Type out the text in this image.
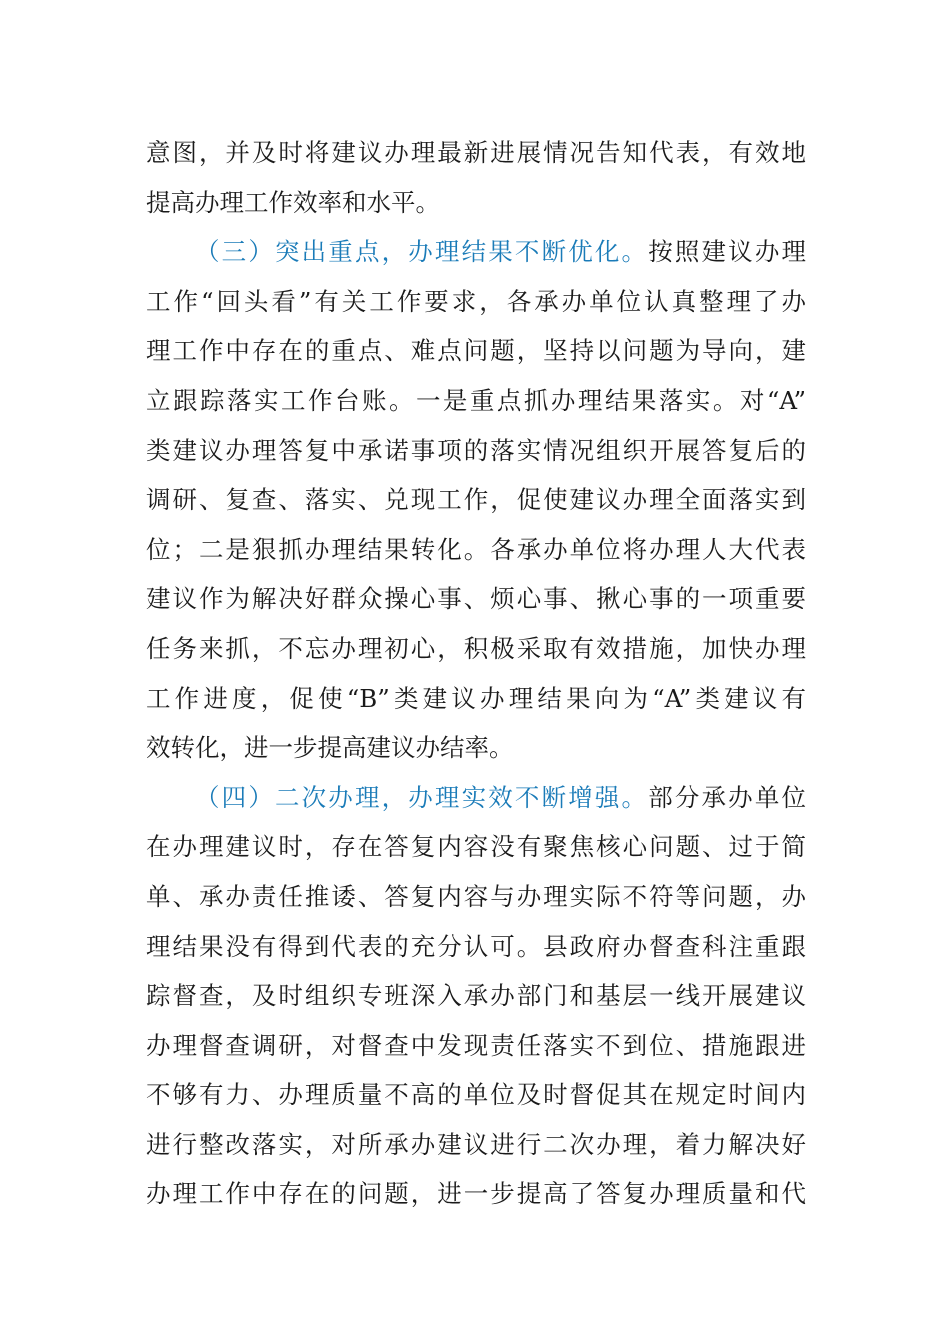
意图，并及时将建议办理最新进展情况告知代表，有效地
提高办理工作效率和水平。
（三）突出重点，办理结果不断优化。按照建议办理
工作“回头看”有关工作要求，各承办单位认真整理了办
理工作中存在的重点、难点问题，坚持以问题为导向，建
立跟踪落实工作台账。一是重点抓办理结果落实。对“A”
类建议办理答复中承诺事项的落实情况组织开展答复后的
调研、复查、落实、兑现工作，促使建议办理全面落实到
位；二是狠抓办理结果转化。各承办单位将办理人大代表
建议作为解决好群众操心事、烦心事、揪心事的一项重要
任务来抓，不忘办理初心，积极采取有效措施，加快办理
工作进度，促使“B”类建议办理结果向为“A”类建议有
效转化，进一步提高建议办结率。
（四）二次办理，办理实效不断增强。部分承办单位
在办理建议时，存在答复内容没有聚焦核心问题、过于简
单、承办责任推诿、答复内容与办理实际不符等问题，办
理结果没有得到代表的充分认可。县政府办督查科注重跟
踪督查，及时组织专班深入承办部门和基层一线开展建议
办理督查调研，对督查中发现责任落实不到位、措施跟进
不够有力、办理质量不高的单位及时督促其在规定时间内
进行整改落实，对所承办建议进行二次办理，着力解决好
办理工作中存在的问题，进一步提高了答复办理质量和代
